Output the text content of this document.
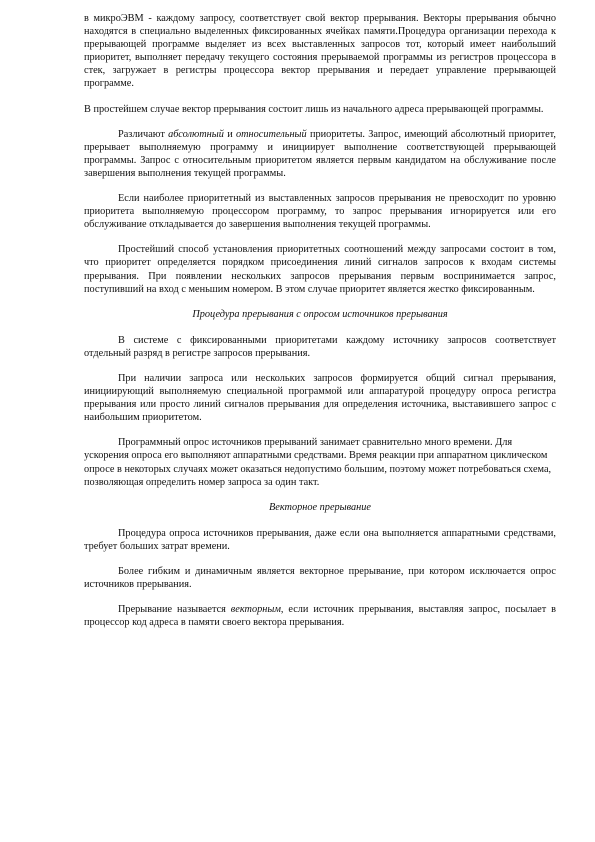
в микроЭВМ - каждому запросу, соответствует свой вектор прерывания. Векторы прерывания обычно находятся в специально выделенных фиксированных ячейках памяти.Процедура организации перехода к прерывающей программе выделяет из всех выставленных запросов тот, который имеет наибольший приоритет, выполняет передачу текущего состояния прерываемой программы из регистров процессора в стек, загружает в регистры процессора вектор прерывания и передает управление прерывающей программе.

В простейшем случае вектор прерывания состоит лишь из начального адреса прерывающей программы.

Различают абсолютный и относительный приоритеты. Запрос, имеющий абсолютный приоритет, прерывает выполняемую программу и инициирует выполнение соответствующей прерывающей программы. Запрос с относительным приоритетом является первым кандидатом на обслуживание после завершения выполнения текущей программы.

Если наиболее приоритетный из выставленных запросов прерывания не превосходит по уровню приоритета выполняемую процессором программу, то запрос прерывания игнорируется или его обслуживание откладывается до завершения выполнения текущей программы.

Простейший способ установления приоритетных соотношений между запросами состоит в том, что приоритет определяется порядком присоединения линий сигналов запросов к входам системы прерывания. При появлении нескольких запросов прерывания первым воспринимается запрос, поступивший на вход с меньшим номером. В этом случае приоритет является жестко фиксированным.

Процедура прерывания с опросом источников прерывания

В системе с фиксированными приоритетами каждому источнику запросов соответствует отдельный разряд в регистре запросов прерывания.

При наличии запроса или нескольких запросов формируется общий сигнал прерывания, инициирующий выполняемую специальной программой или аппаратурой процедуру опроса регистра прерывания или просто линий сигналов прерывания для определения источника, выставившего запрос с наибольшим приоритетом.

Программный опрос источников прерываний занимает сравнительно много времени. Для ускорения опроса его выполняют аппаратными средствами. Время реакции при аппаратном циклическом опросе в некоторых случаях может оказаться недопустимо большим, поэтому может потребоваться схема, позволяющая определить номер запроса за один такт.

Векторное прерывание

Процедура опроса источников прерывания, даже если она выполняется аппаратными средствами, требует больших затрат времени.

Более гибким и динамичным является векторное прерывание, при котором исключается опрос источников прерывания.

Прерывание называется векторным, если источник прерывания, выставляя запрос, посылает в процессор код адреса в памяти своего вектора прерывания.
